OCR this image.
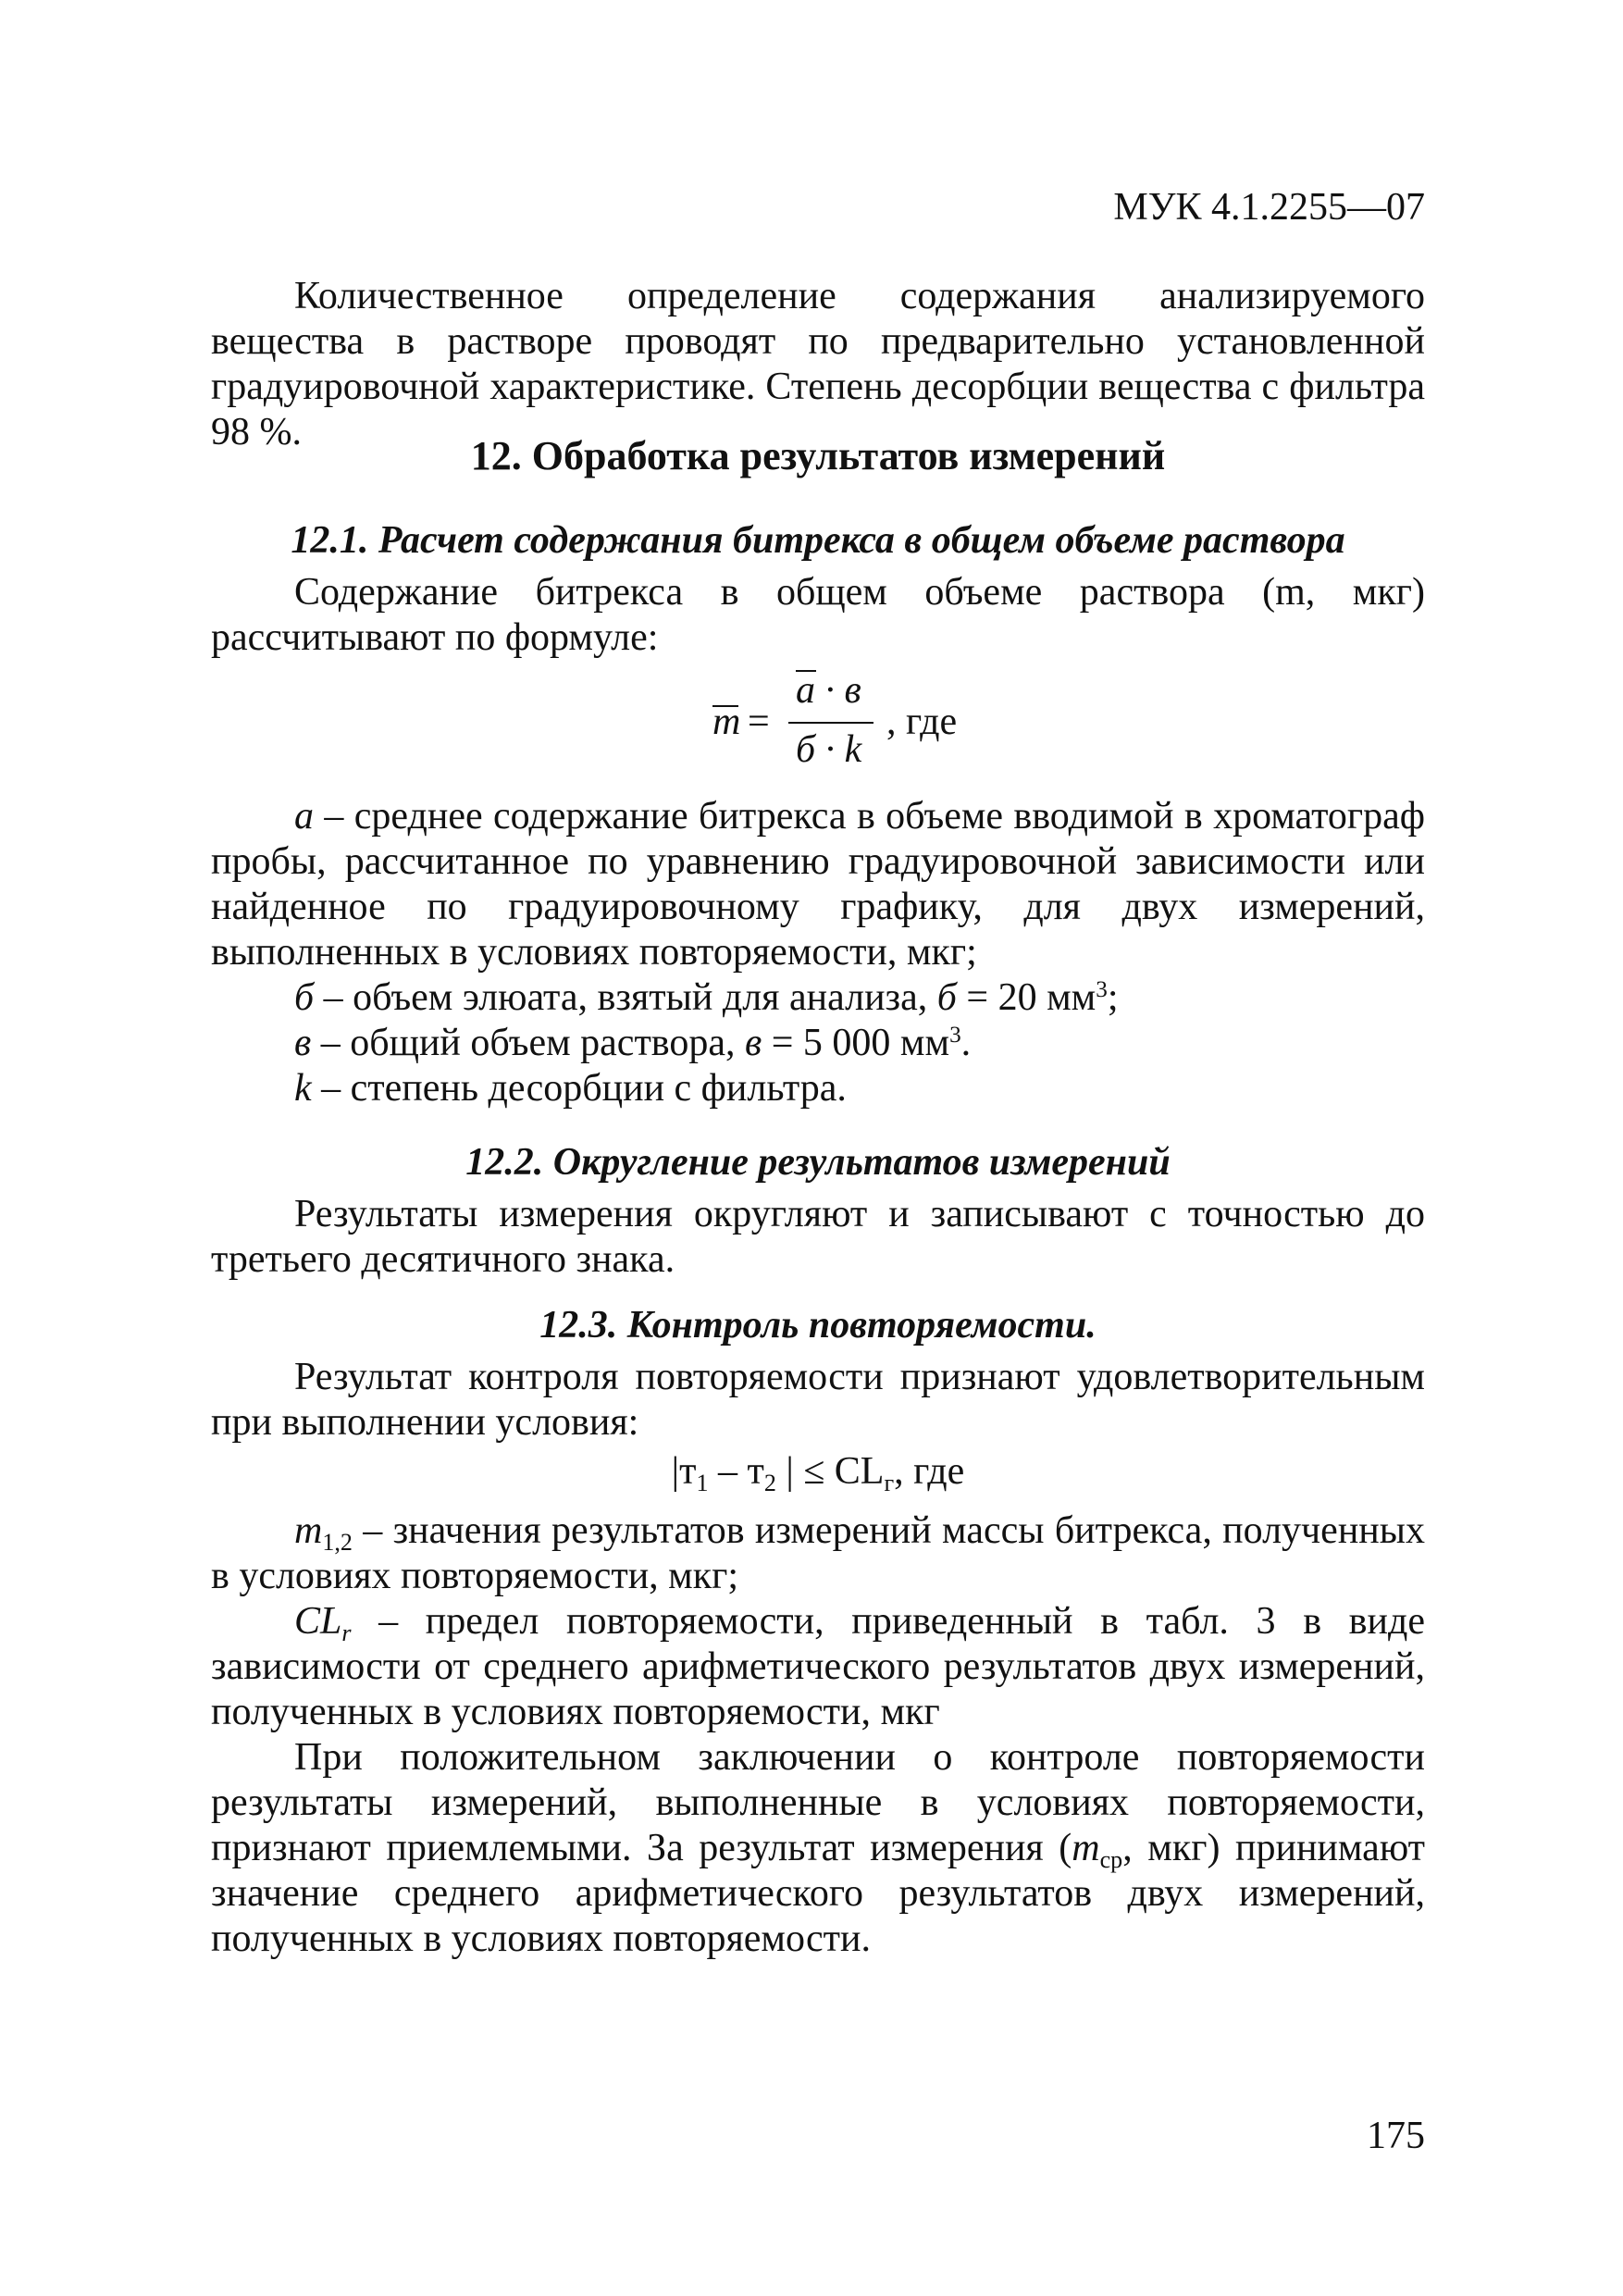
МУК 4.1.2255—07
Количественное определение содержания анализируемого вещества в растворе проводят по предварительно установленной градуировочной характеристике. Степень десорбции вещества с фильтра 98 %.
12. Обработка результатов измерений
12.1. Расчет содержания битрекса в общем объеме раствора
Содержание битрекса в общем объеме раствора (m, мкг) рассчитывают по формуле:
m =
a · в
б · k
, где
а – среднее содержание битрекса в объеме вводимой в хроматограф пробы, рассчитанное по уравнению градуировочной зависимости или найденное по градуировочному графику, для двух измерений, выполненных в условиях повторяемости, мкг;
б – объем элюата, взятый для анализа, б = 20 $мм^3$;
в – общий объем раствора, в = 5 000 $мм^3$.
k – степень десорбции с фильтра.
12.2. Округление результатов измерений
Результаты измерения округляют и записывают с точностью до третьего десятичного знака.
12.3. Контроль повторяемости.
Результат контроля повторяемости признают удовлетворительным при выполнении условия:
$|т_1 - т_2$ | ≤ $CL_г$, где
$m_{1,2}$ – значения результатов измерений массы битрекса, полученных в условиях повторяемости, мкг;
$CL_r$ – предел повторяемости, приведенный в табл. 3 в виде зависимости от среднего арифметического результатов двух измерений, полученных в условиях повторяемости, мкг
При положительном заключении о контроле повторяемости результаты измерений, выполненные в условиях повторяемости, признают приемлемыми. За результат измерения ($m_{ср}$, мкг) принимают значение среднего арифметического результатов двух измерений, полученных в условиях повторяемости.
175
